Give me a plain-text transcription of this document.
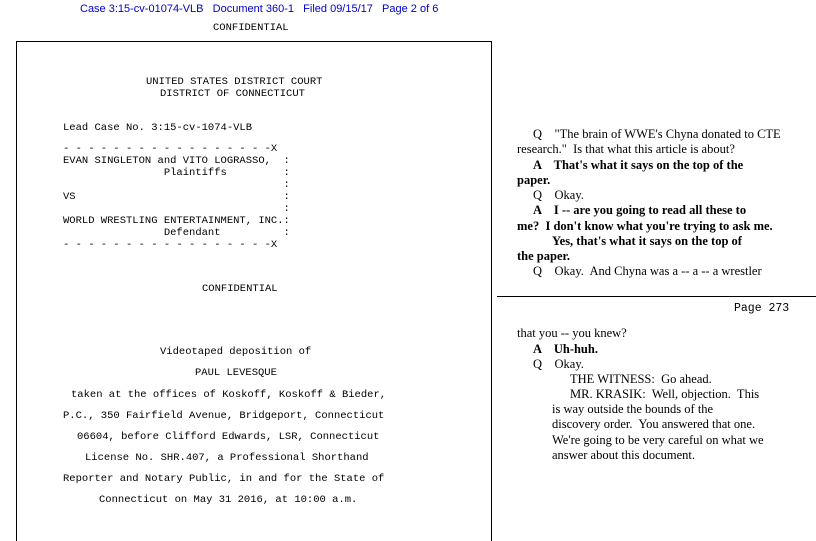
Case 3:15-cv-01074-VLB   Document 360-1   Filed 09/15/17   Page 2 of 6
CONFIDENTIAL
UNITED STATES DISTRICT COURT
DISTRICT OF CONNECTICUT
Lead Case No. 3:15-cv-1074-VLB
- - - - - - - - - - - - - - - - -X
EVAN SINGLETON and VITO LOGRASSO,  :
Plaintiffs         :
:
VS                                 :
:
WORLD WRESTLING ENTERTAINMENT, INC.:
Defendant          :
- - - - - - - - - - - - - - - - -X
CONFIDENTIAL
Videotaped deposition of
PAUL LEVESQUE
taken at the offices of Koskoff, Koskoff & Bieder,
P.C., 350 Fairfield Avenue, Bridgeport, Connecticut
06604, before Clifford Edwards, LSR, Connecticut
License No. SHR.407, a Professional Shorthand
Reporter and Notary Public, in and for the State of
Connecticut on May 31 2016, at 10:00 a.m.
Q    "The brain of WWE's Chyna donated to CTE
research."  Is that what this article is about?
A    That's what it says on the top of the
paper.
Q    Okay.
A    I -- are you going to read all these to
me?  I don't know what you're trying to ask me.
Yes, that's what it says on the top of
the paper.
Q    Okay.  And Chyna was a -- a -- a wrestler
Page 273
that you -- you knew?
A    Uh-huh.
Q    Okay.
THE WITNESS:  Go ahead.
MR. KRASIK:  Well, objection.  This
is way outside the bounds of the
discovery order.  You answered that one.
We're going to be very careful on what we
answer about this document.
